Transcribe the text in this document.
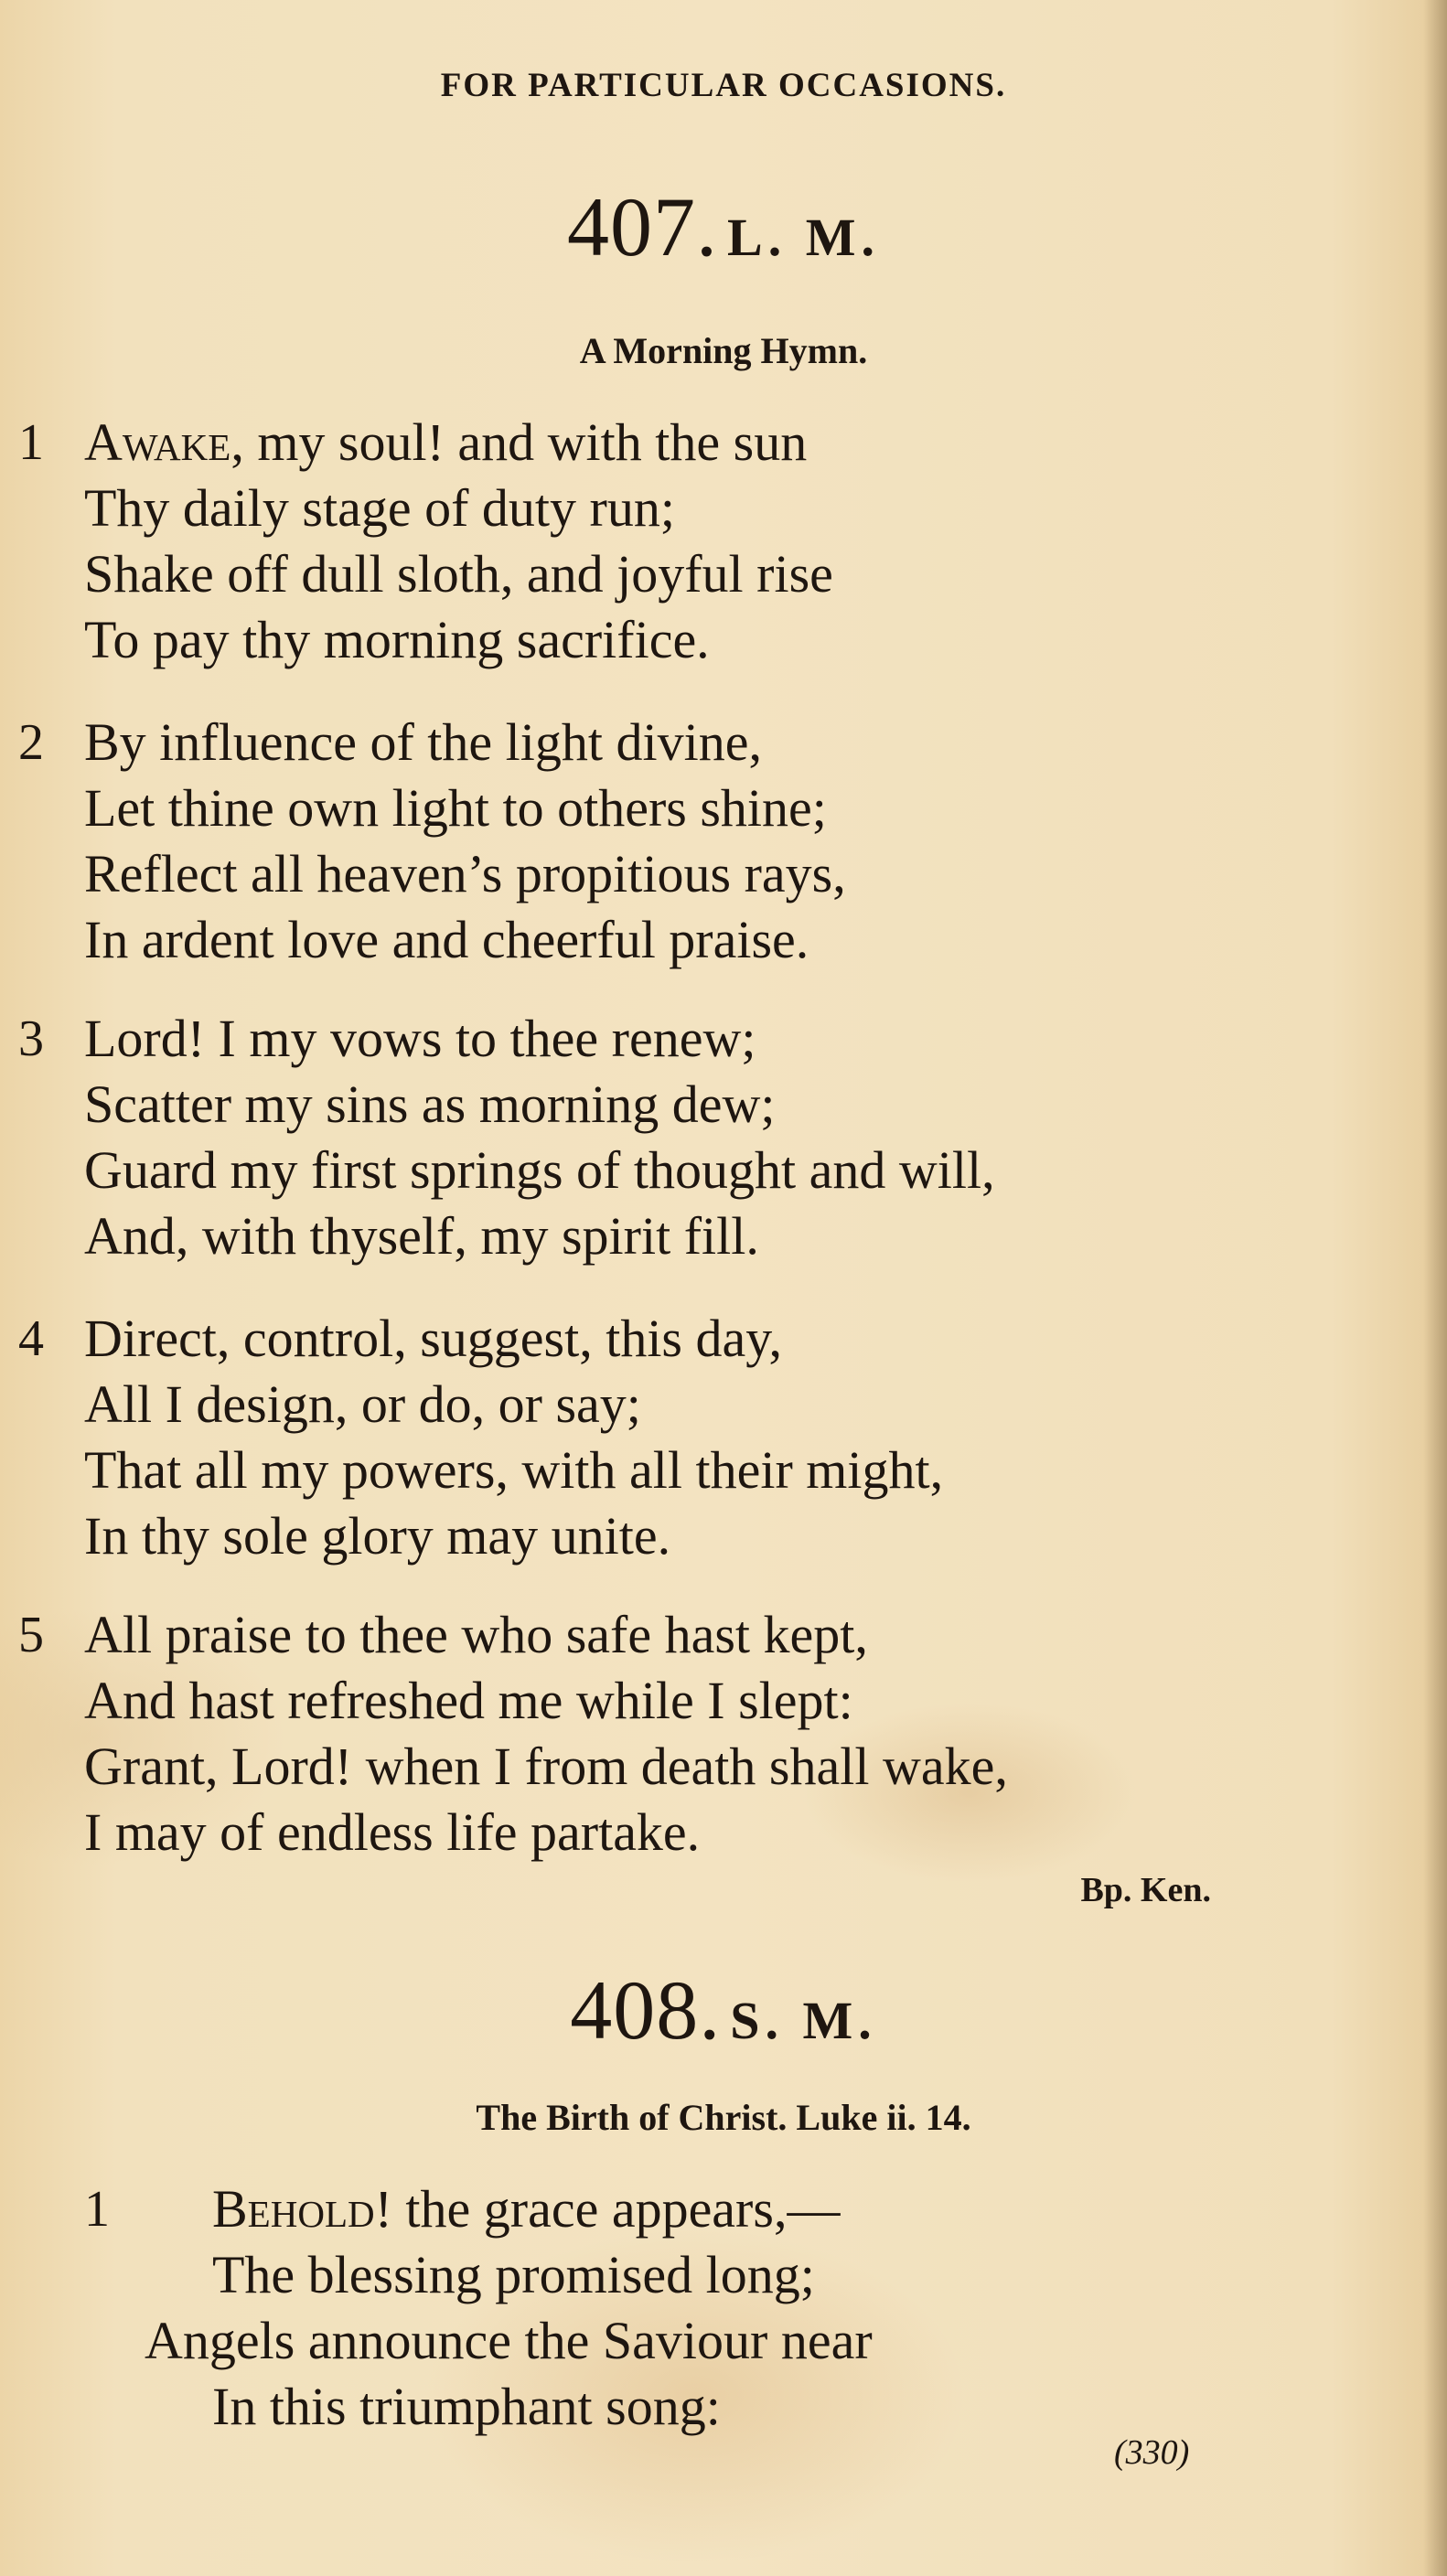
FOR PARTICULAR OCCASIONS.
407. L. M.
A Morning Hymn.
1 Awake, my soul! and with the sun
Thy daily stage of duty run;
Shake off dull sloth, and joyful rise
To pay thy morning sacrifice.
2 By influence of the light divine,
Let thine own light to others shine;
Reflect all heaven’s propitious rays,
In ardent love and cheerful praise.
3 Lord! I my vows to thee renew;
Scatter my sins as morning dew;
Guard my first springs of thought and will,
And, with thyself, my spirit fill.
4 Direct, control, suggest, this day,
All I design, or do, or say;
That all my powers, with all their might,
In thy sole glory may unite.
5 All praise to thee who safe hast kept,
And hast refreshed me while I slept:
Grant, Lord! when I from death shall wake,
I may of endless life partake.
Bp. Ken.
408. S. M.
The Birth of Christ. Luke ii. 14.
1 Behold! the grace appears,—
The blessing promised long;
Angels announce the Saviour near
In this triumphant song:
(330)
